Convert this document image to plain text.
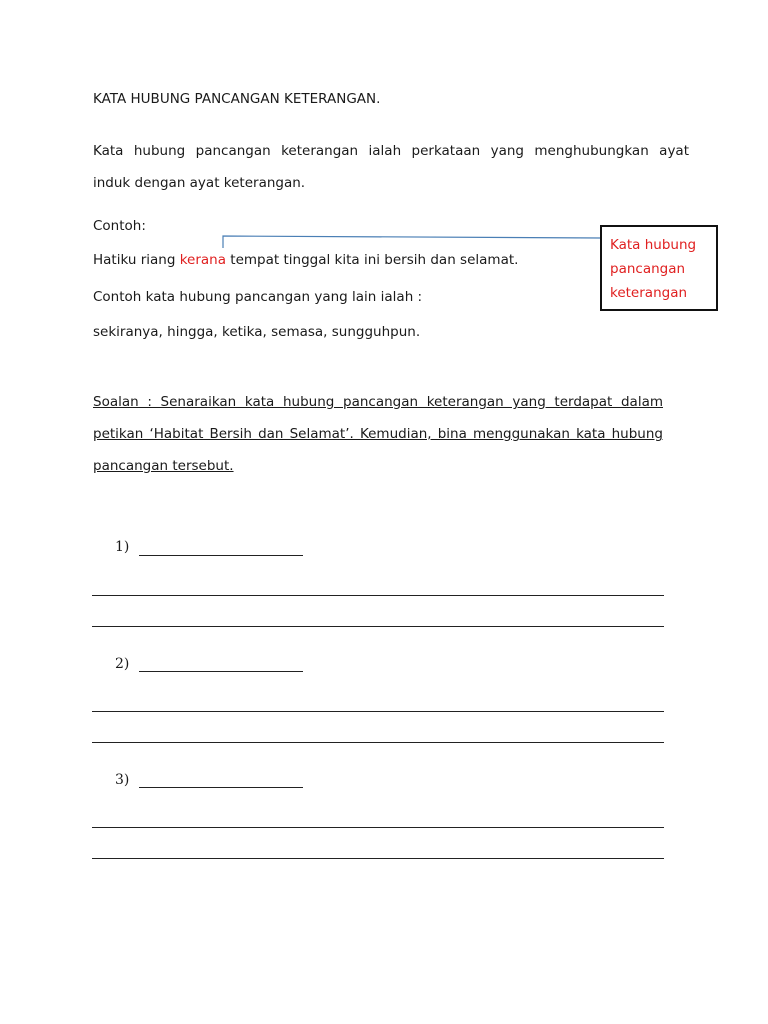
KATA HUBUNG PANCANGAN KETERANGAN.
Kata hubung pancangan keterangan ialah perkataan yang menghubungkan ayat
induk dengan ayat keterangan.
Contoh:
Hatiku riang kerana tempat tinggal kita ini bersih dan selamat.
Contoh kata hubung pancangan yang lain ialah :
sekiranya, hingga, ketika, semasa, sungguhpun.
Kata hubung
pancangan
keterangan
Soalan : Senaraikan kata hubung pancangan keterangan yang terdapat dalam
petikan ‘Habitat Bersih dan Selamat’. Kemudian, bina menggunakan kata hubung
pancangan tersebut.
1)
2)
3)
